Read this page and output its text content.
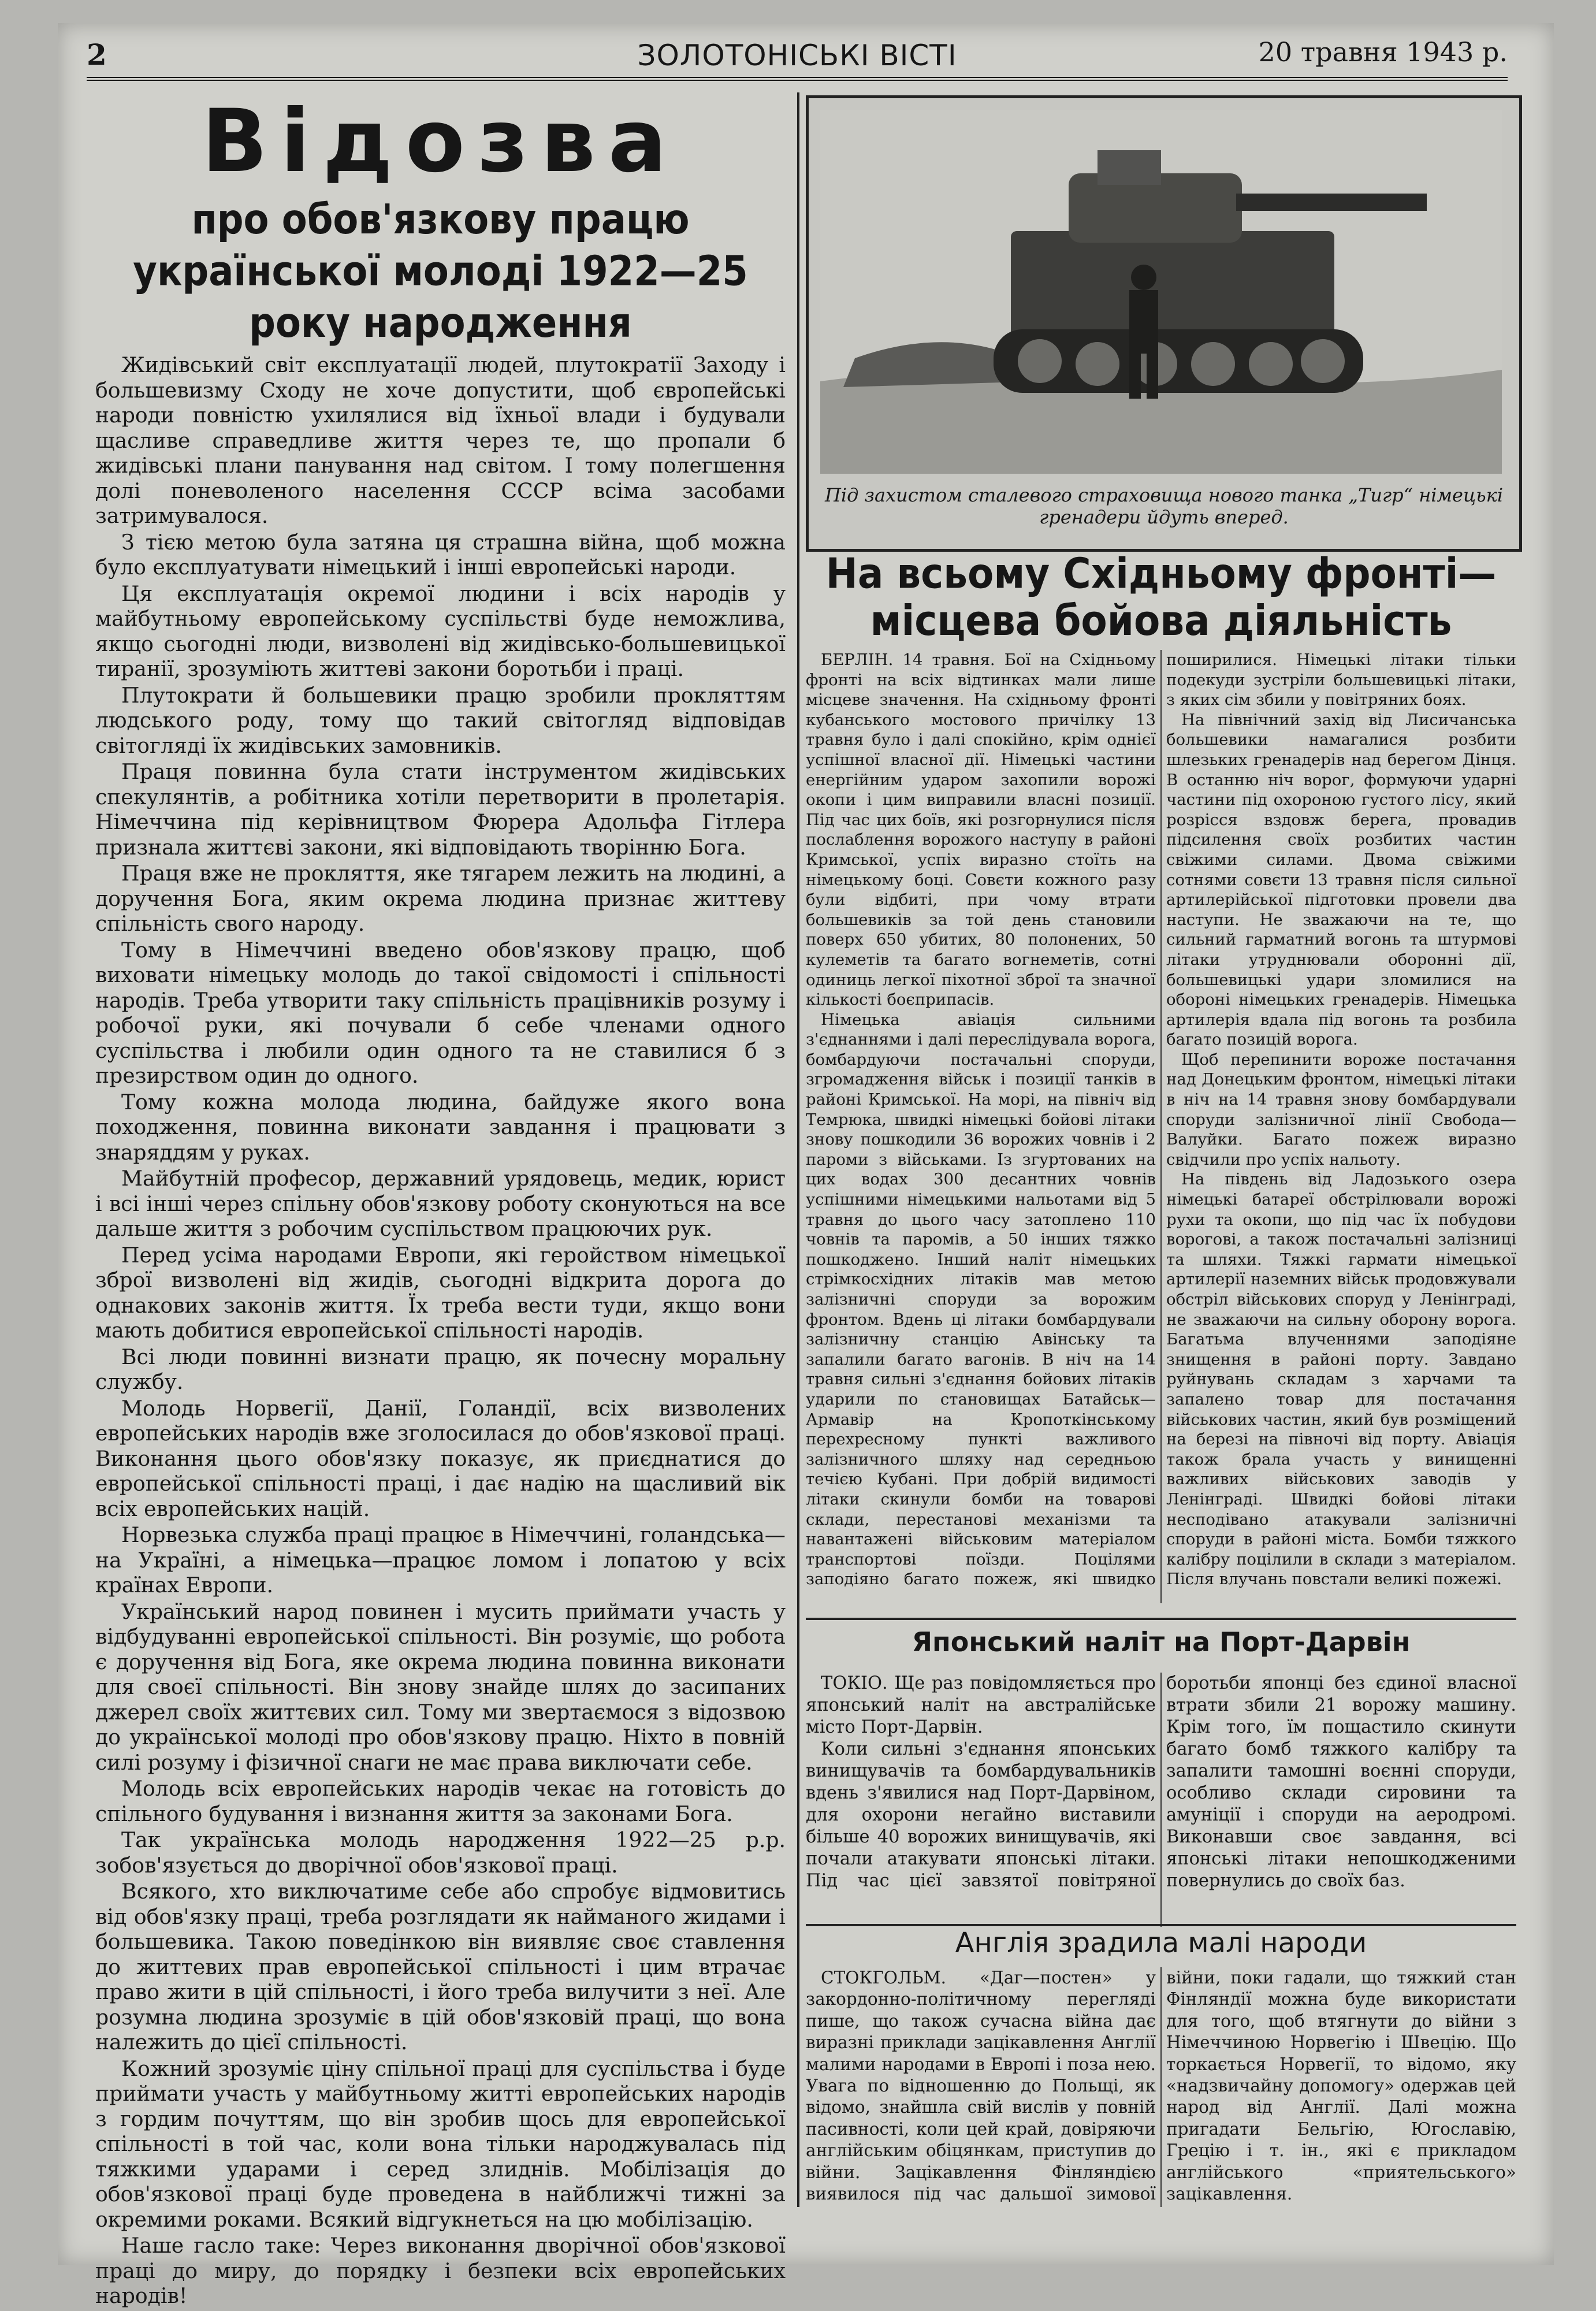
2	ЗОЛОТОНІСЬКІ ВІСТІ	20 травня 1943 р.
Відозва
про обов'язкову працю української молоді 1922—25 року народження

Жидівський світ експлуатації людей, плутократії Заходу і большевизму Сходу не хоче допустити, щоб європейські народи повністю ухилялися від їхньої влади і будували щасливе справедливе життя через те, що пропали б жидівські плани панування над світом. І тому полегшення долі поневоленого населення СССР всіма засобами затримувалося.

З тією метою була затяна ця страшна війна, щоб можна було експлуатувати німецький і інші европейські народи.

Ця експлуатація окремої людини і всіх народів у майбутньому европейському суспільстві буде неможлива, якщо сьогодні люди, визволені від жидівсько-большевицької тиранії, зрозуміють життеві закони боротьби і праці.

Плутократи й большевики працю зробили прокляттям людського роду, тому що такий світогляд відповідав світогляді їх жидівських замовників.

Праця повинна була стати інструментом жидівських спекулянтів, а робітника хотіли перетворити в пролетарія. Німеччина під керівництвом Фюрера Адольфа Гітлера признала життєві закони, які відповідають творінню Бога.

Праця вже не прокляття, яке тягарем лежить на людині, а доручення Бога, яким окрема людина признає життеву спільність свого народу.

Тому в Німеччині введено обов'язкову працю, щоб виховати німецьку молодь до такої свідомості і спільності народів. Треба утворити таку спільність працівників розуму і робочої руки, які почували б себе членами одного суспільства і любили один одного та не ставилися б з презирством один до одного.

Тому кожна молода людина, байдуже якого вона походження, повинна виконати завдання і працювати з знаряддям у руках.

Майбутній професор, державний урядовець, медик, юрист і всі інші через спільну обов'язкову роботу сконуються на все дальше життя з робочим суспільством працюючих рук.

Перед усіма народами Европи, які геройством німецької зброї визволені від жидів, сьогодні відкрита дорога до однакових законів життя. Їх треба вести туди, якщо вони мають добитися европейської спільності народів.

Всі люди повинні визнати працю, як почесну моральну службу.

Молодь Норвегії, Данії, Голандії, всіх визволених европейських народів вже зголосилася до обов'язкової праці. Виконання цього обов'язку показує, як приєднатися до европейської спільності праці, і дає надію на щасливий вік всіх европейських націй.

Норвезька служба праці працює в Німеччині, голандська—на Україні, а німецька—працює ломом і лопатою у всіх країнах Европи.

Український народ повинен і мусить приймати участь у відбудуванні европейської спільності. Він розуміє, що робота є доручення від Бога, яке окрема людина повинна виконати для своєї спільності. Він знову знайде шлях до засипаних джерел своїх життєвих сил. Тому ми звертаємося з відозвою до української молоді про обов'язкову працю. Ніхто в повній силі розуму і фізичної снаги не має права виключати себе.

Молодь всіх европейських народів чекає на готовість до спільного будування і визнання життя за законами Бога.

Так українська молодь народження 1922—25 р.р. зобов'язується до дворічної обов'язкової праці.

Всякого, хто виключатиме себе або спробує відмовитись від обов'язку праці, треба розглядати як найманого жидами і большевика. Такою поведінкою він виявляє своє ставлення до життевих прав европейської спільності і цим втрачає право жити в цій спільності, і його треба вилучити з неї. Але розумна людина зрозуміє в цій обов'язковій праці, що вона належить до цієї спільності.

Кожний зрозуміє ціну спільної праці для суспільства і буде приймати участь у майбутньому житті европейських народів з гордим почуттям, що він зробив щось для европейської спільності в той час, коли вона тільки народжувалась під тяжкими ударами і серед злиднів. Мобілізація до обов'язкової праці буде проведена в найближчі тижні за окремими роками. Всякий відгукнеться на цю мобілізацію.

Наше гасло таке: Через виконання дворічної обов'язкової праці до миру, до порядку і безпеки всіх европейських народів!

Під захистом сталевого страховища нового танка „Тигр“ німецькі гренадери йдуть вперед.
На всьому Східньому фронті—місцева бойова діяльність

БЕРЛІН. 14 травня. Бої на Східньому фронті на всіх відтинках мали лише місцеве значення. На східньому фронті кубанського мостового причілку 13 травня було і далі спокійно, крім однієї успішної власної дії. Німецькі частини енергійним ударом захопили ворожі окопи і цим виправили власні позиції. Під час цих боїв, які розгорнулися після послаблення ворожого наступу в районі Кримської, успіх виразно стоїть на німецькому боці. Совєти кожного разу були відбиті, при чому втрати большевиків за той день становили поверх 650 убитих, 80 полонених, 50 кулеметів та багато вогнеметів, сотні одиниць легкої піхотної зброї та значної кількості боєприпасів.

Німецька авіація сильними з'єднаннями і далі переслідувала ворога, бомбардуючи постачальні споруди, згромадження військ і позиції танків в районі Кримської. На морі, на північ від Темрюка, швидкі німецькі бойові літаки знову пошкодили 36 ворожих човнів і 2 пароми з військами. Із згуртованих на цих водах 300 десантних човнів успішними німецькими нальотами від 5 травня до цього часу затоплено 110 човнів та паромів, а 50 інших тяжко пошкоджено. Інший наліт німецьких стрімкосхідних літаків мав метою залізничні споруди за ворожим фронтом. Вдень ці літаки бомбардували залізничну станцію Авінську та запалили багато вагонів. В ніч на 14 травня сильні з'єднання бойових літаків ударили по становищах Батайськ—Армавір на Кропоткінському перехресному пункті важливого залізничного шляху над середньою течією Кубані. При добрій видимості літаки скинули бомби на товарові склади, перестанові механізми та навантажені військовим матеріалом транспортові поїзди. Поцілями заподіяно багато пожеж, які швидко поширилися. Німецькі літаки тільки подекуди зустріли большевицькі літаки, з яких сім збили у повітряних боях.

На північний захід від Лисичанська большевики намагалися розбити шлезьких гренадерів над берегом Дінця. В останню ніч ворог, формуючи ударні частини під охороною густого лісу, який розрісся вздовж берега, провадив підсилення своїх розбитих частин свіжими силами. Двома свіжими сотнями совєти 13 травня після сильної артилерійської підготовки провели два наступи. Не зважаючи на те, що сильний гарматний вогонь та штурмові літаки утруднювали оборонні дії, большевицькі удари зломилися на обороні німецьких гренадерів. Німецька артилерія вдала під вогонь та розбила багато позицій ворога.

Щоб перепинити вороже постачання над Донецьким фронтом, німецькі літаки в ніч на 14 травня знову бомбардували споруди залізничної лінії Свобода—Валуйки. Багато пожеж виразно свідчили про успіх нальоту.

На південь від Ладозького озера німецькі батареї обстрілювали ворожі рухи та окопи, що під час їх побудови ворогові, а також постачальні залізниці та шляхи. Тяжкі гармати німецької артилерії наземних військ продовжували обстріл військових споруд у Ленінграді, не зважаючи на сильну оборону ворога. Багатьма влученнями заподіяне знищення в районі порту. Завдано руйнувань складам з харчами та запалено товар для постачання військових частин, який був розміщений на березі на півночі від порту. Авіація також брала участь у винищенні важливих військових заводів у Ленінграді. Швидкі бойові літаки несподівано атакували залізничні споруди в районі міста. Бомби тяжкого калібру поцілили в склади з матеріалом. Після влучань повстали великі пожежі.

Японський наліт на Порт-Дарвін

ТОКІО. Ще раз повідомляється про японський наліт на австралійське місто Порт-Дарвін.

Коли сильні з'єднання японських винищувачів та бомбардувальників вдень з'явилися над Порт-Дарвіном, для охорони негайно виставили більше 40 ворожих винищувачів, які почали атакувати японські літаки. Під час цієї завзятої повітряної боротьби японці без єдиної власної втрати збили 21 ворожу машину. Крім того, їм пощастило скинути багато бомб тяжкого калібру та запалити тамошні воєнні споруди, особливо склади сировини та амуніції і споруди на аеродромі. Виконавши своє завдання, всі японські літаки непошкодженими повернулись до своїх баз.

Англія зрадила малі народи

СТОКГОЛЬМ. «Даг—постен» у закордонно-політичному перегляді пише, що також сучасна війна дає виразні приклади зацікавлення Англії малими народами в Европі і поза нею. Увага по відношенню до Польщі, як відомо, знайшла свій вислів у повній пасивності, коли цей край, довіряючи англійським обіцянкам, приступив до війни. Зацікавлення Фінляндією виявилося під час дальшої зимової війни, поки гадали, що тяжкий стан Фінляндії можна буде використати для того, щоб втягнути до війни з Німеччиною Норвегію і Швецію. Що торкається Норвегії, то відомо, яку «надзвичайну допомогу» одержав цей народ від Англії. Далі можна пригадати Бельгію, Югославію, Грецію і т. ін., які є прикладом англійського «приятельського» зацікавлення.
